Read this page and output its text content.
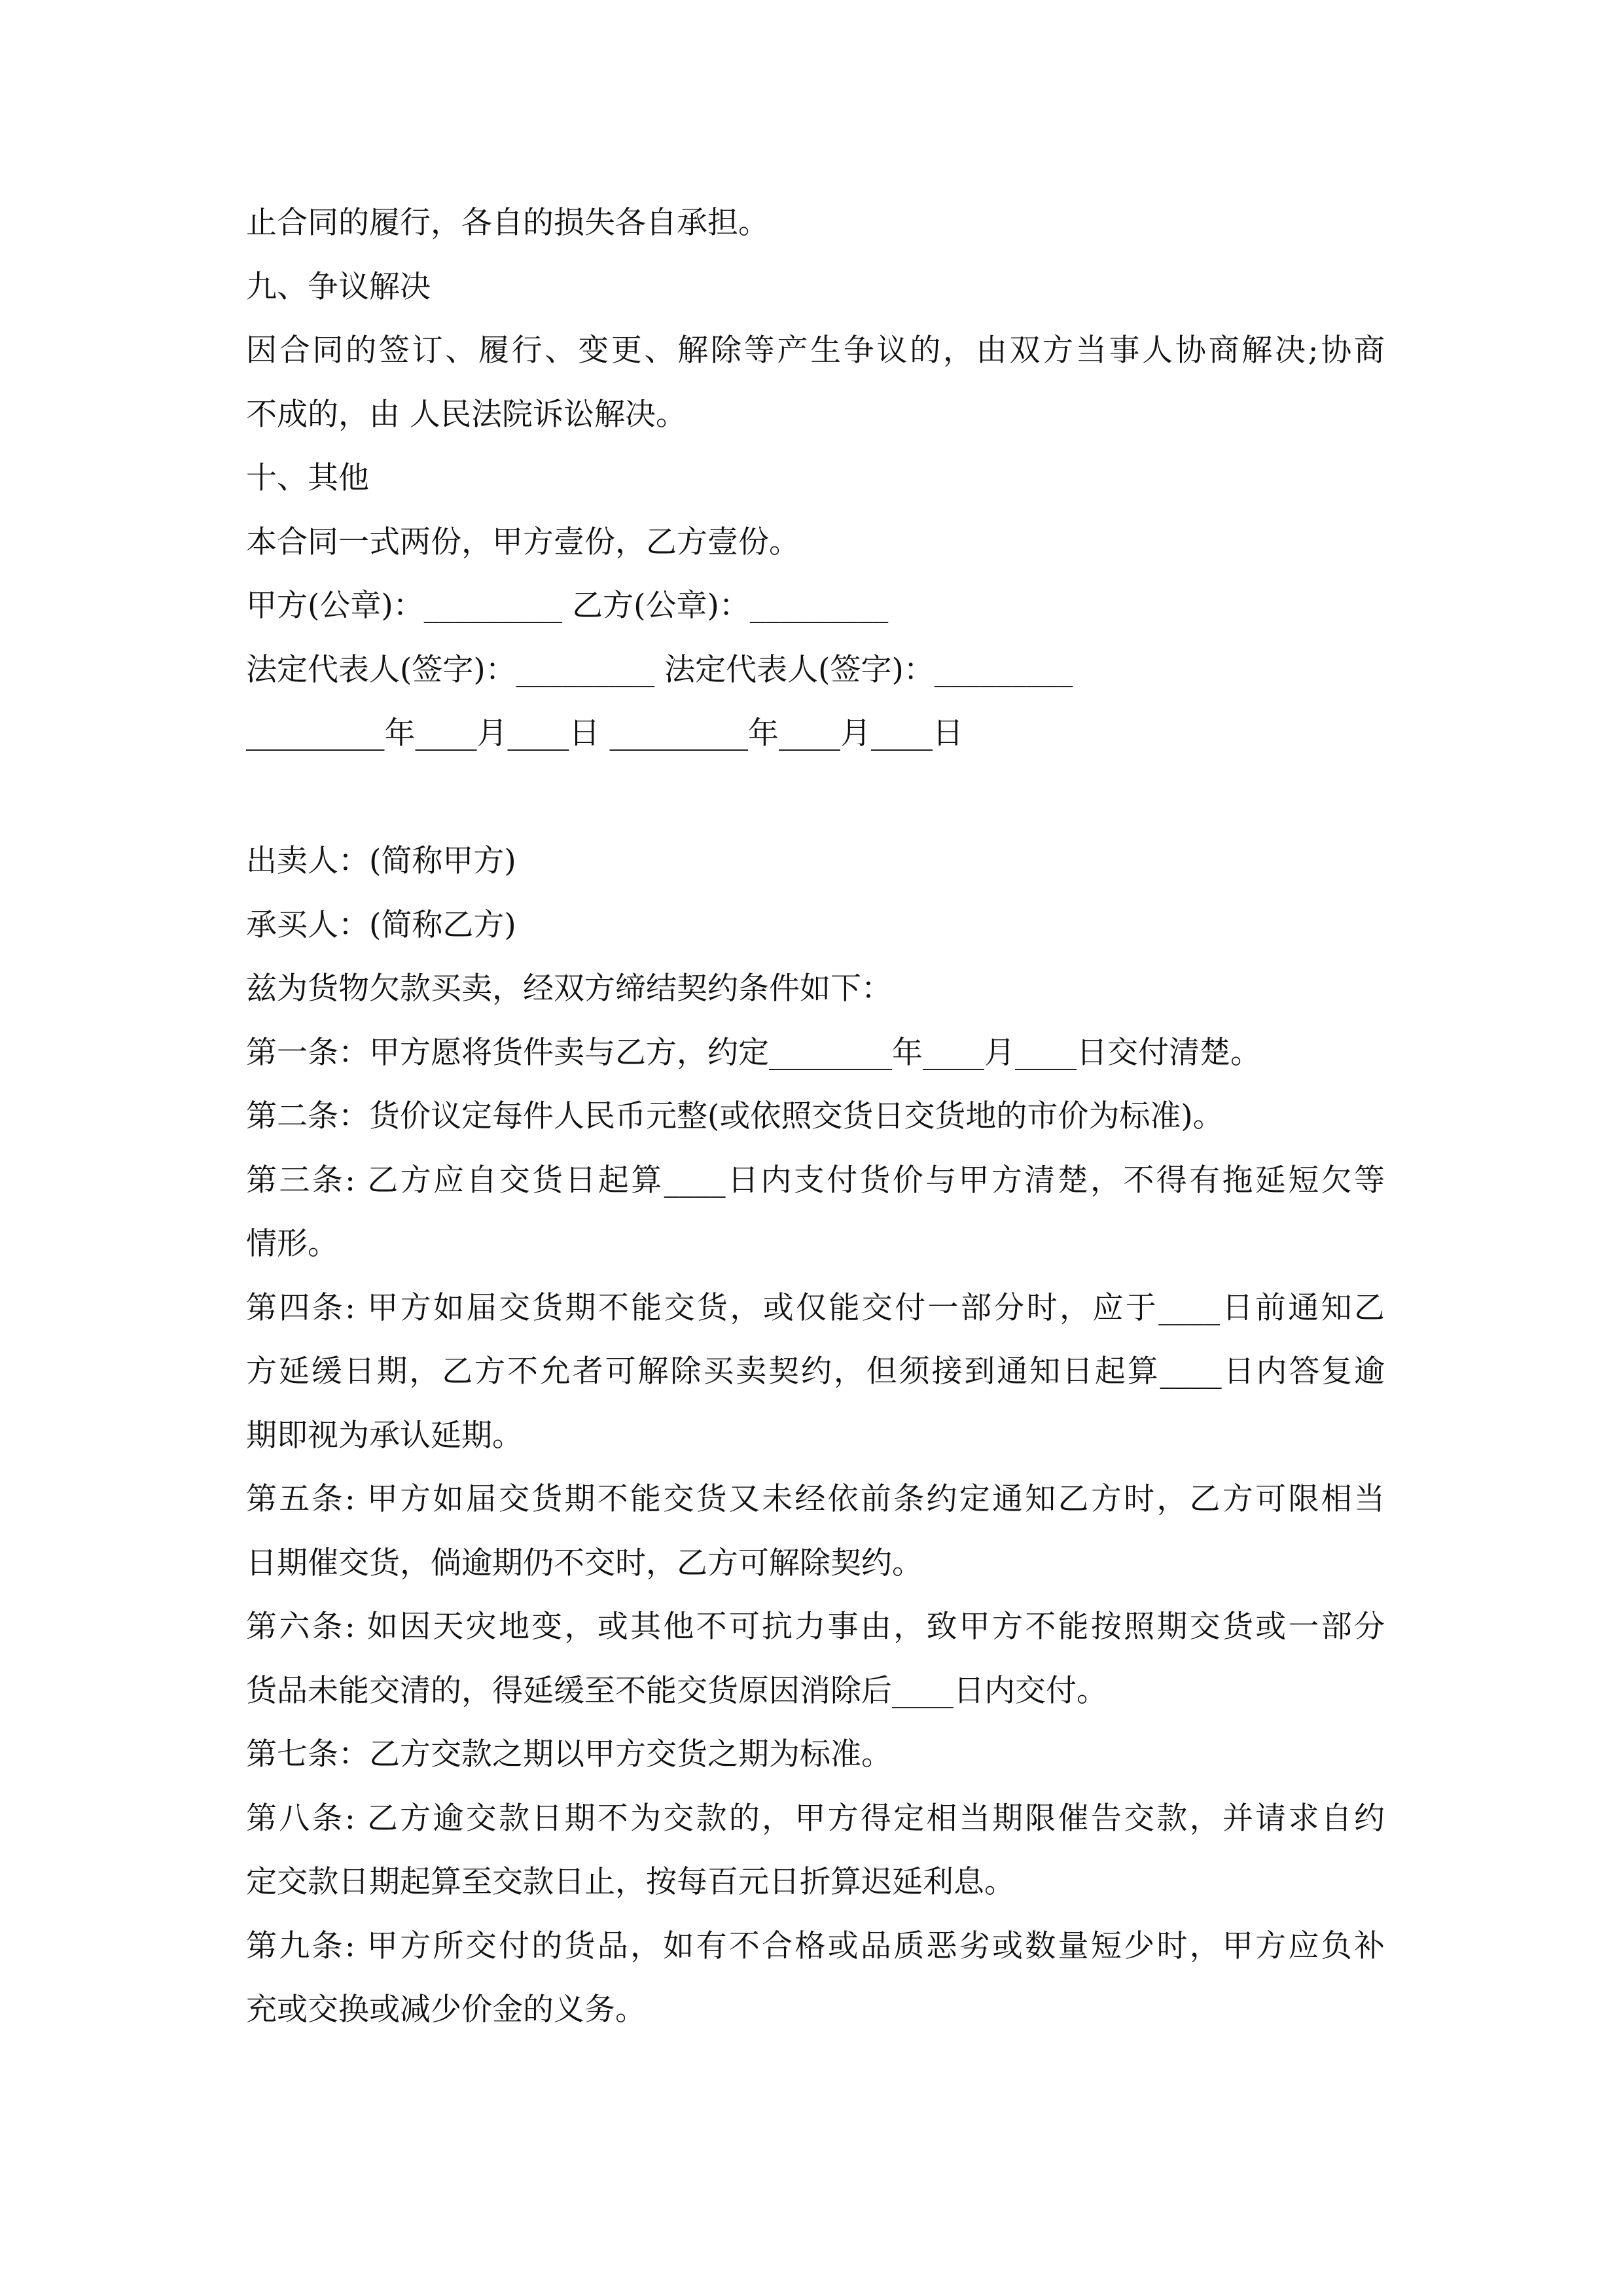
止合同的履行，各自的损失各自承担。
九、争议解决
因合同的签订、履行、变更、解除等产生争议的，由双方当事人协商解决;协商
不成的，由 人民法院诉讼解决。
十、其他
本合同一式两份，甲方壹份，乙方壹份。
甲方(公章)：_________ 乙方(公章)：_________
法定代表人(签字)：_________ 法定代表人(签字)：_________
_________年____月____日 _________年____月____日
出卖人：(简称甲方)
承买人：(简称乙方)
兹为货物欠款买卖，经双方缔结契约条件如下：
第一条：甲方愿将货件卖与乙方，约定________年____月____日交付清楚。
第二条：货价议定每件人民币元整(或依照交货日交货地的市价为标准)。
第三条: 乙方应自交货日起算____日内支付货价与甲方清楚，不得有拖延短欠等
情形。
第四条: 甲方如届交货期不能交货，或仅能交付一部分时，应于____日前通知乙
方延缓日期，乙方不允者可解除买卖契约，但须接到通知日起算____日内答复逾
期即视为承认延期。
第五条: 甲方如届交货期不能交货又未经依前条约定通知乙方时，乙方可限相当
日期催交货，倘逾期仍不交时，乙方可解除契约。
第六条: 如因天灾地变，或其他不可抗力事由，致甲方不能按照期交货或一部分
货品未能交清的，得延缓至不能交货原因消除后____日内交付。
第七条：乙方交款之期以甲方交货之期为标准。
第八条: 乙方逾交款日期不为交款的，甲方得定相当期限催告交款，并请求自约
定交款日期起算至交款日止，按每百元日折算迟延利息。
第九条: 甲方所交付的货品，如有不合格或品质恶劣或数量短少时，甲方应负补
充或交换或减少价金的义务。
